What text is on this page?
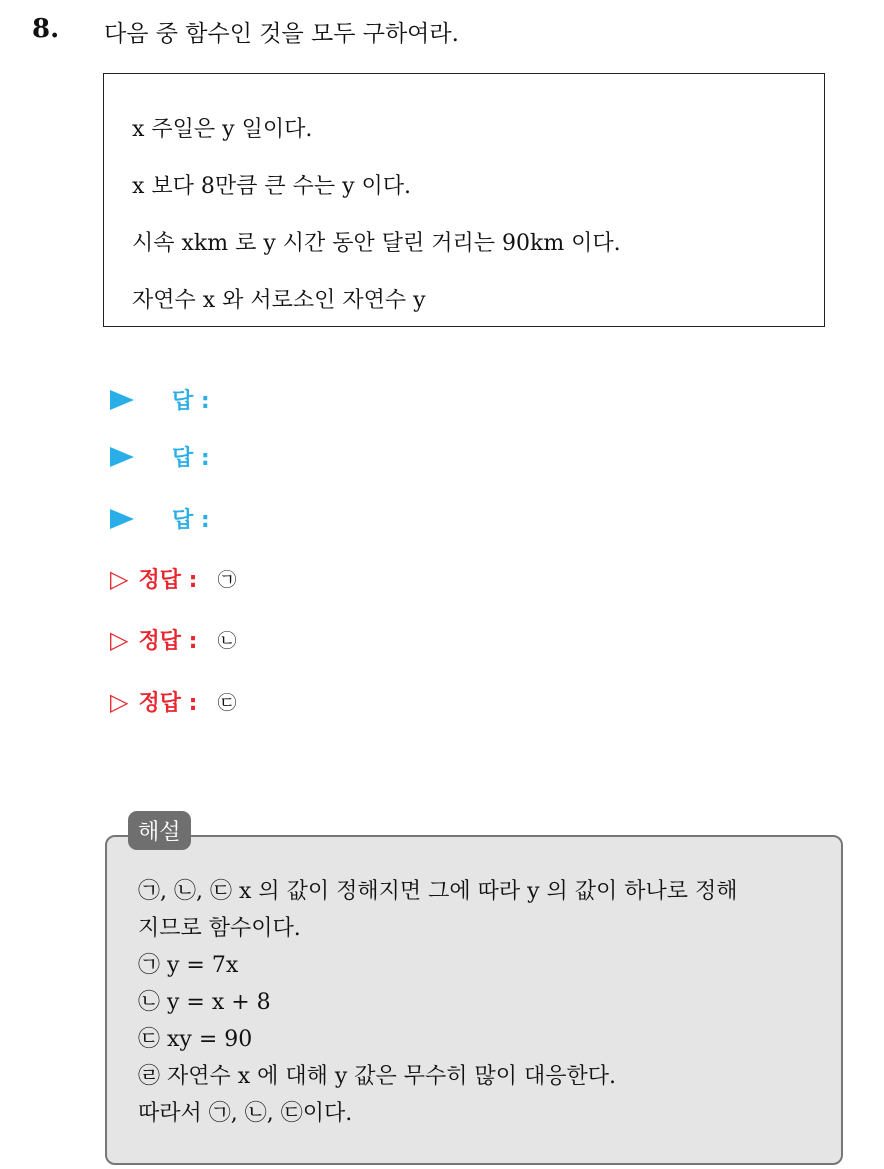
8. 다음 중 함수인 것을 모두 구하여라.
x 주일은 y 일이다.
x 보다 8만큼 큰 수는 y 이다.
시속 xkm 로 y 시간 동안 달린 거리는 90km 이다.
자연수 x 와 서로소인 자연수 y
답 :
답 :
답 :
▷ 정답 : ㉠
▷ 정답 : ㉡
▷ 정답 : ㉢
해설
㉠, ㉡, ㉢ x 의 값이 정해지면 그에 따라 y 의 값이 하나로 정해
지므로 함수이다.
㉠ y = 7x
㉡ y = x + 8
㉢ xy = 90
㉣ 자연수 x 에 대해 y 값은 무수히 많이 대응한다.
따라서 ㉠, ㉡, ㉢이다.
